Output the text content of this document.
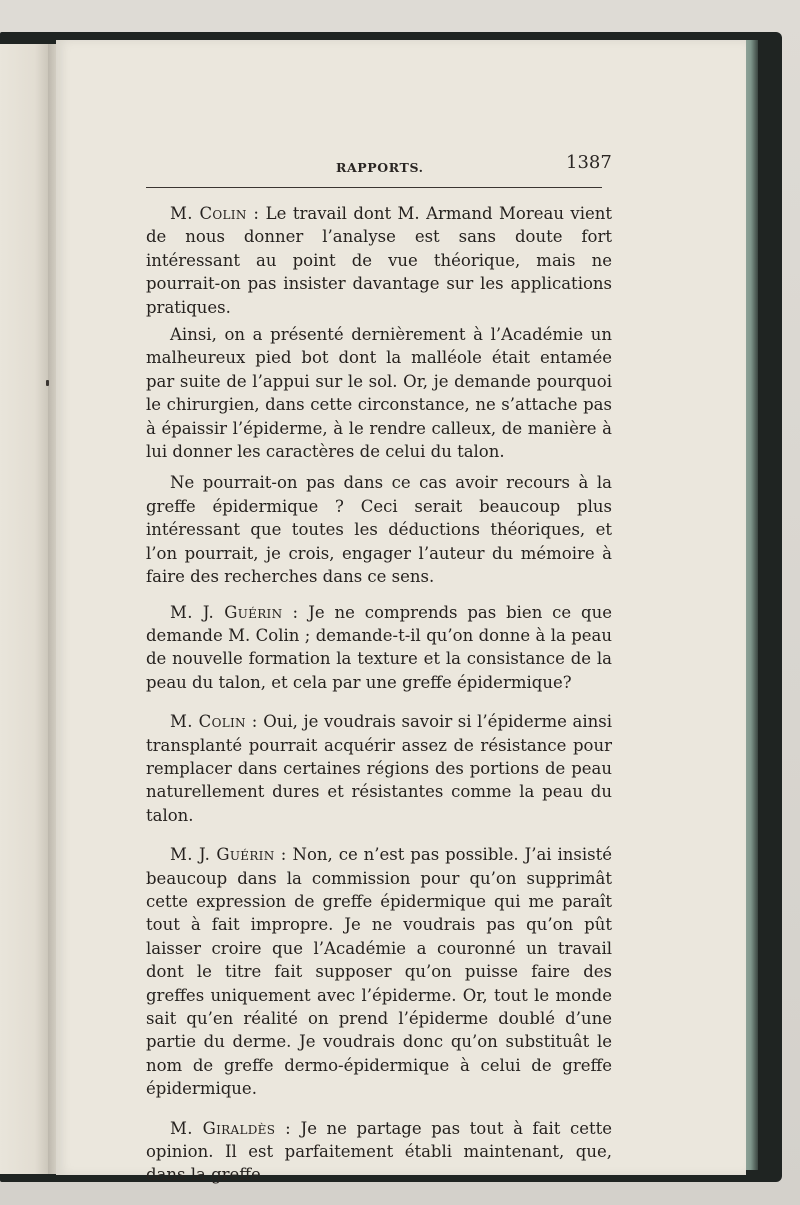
RAPPORTS.	1387

M. Colin : Le travail dont M. Armand Moreau vient de nous donner l’analyse est sans doute fort intéressant au point de vue théorique, mais ne pourrait-on pas insister davantage sur les applications pratiques.

Ainsi, on a présenté dernièrement à l’Académie un malheureux pied bot dont la malléole était entamée par suite de l’appui sur le sol. Or, je demande pourquoi le chirurgien, dans cette circonstance, ne s’attache pas à épaissir l’épiderme, à le rendre calleux, de manière à lui donner les caractères de celui du talon.

Ne pourrait-on pas dans ce cas avoir recours à la greffe épidermique ? Ceci serait beaucoup plus intéressant que toutes les déductions théoriques, et l’on pourrait, je crois, engager l’auteur du mémoire à faire des recherches dans ce sens.

M. J. Guérin : Je ne comprends pas bien ce que demande M. Colin ; demande-t-il qu’on donne à la peau de nouvelle formation la texture et la consistance de la peau du talon, et cela par une greffe épidermique?

M. Colin : Oui, je voudrais savoir si l’épiderme ainsi transplanté pourrait acquérir assez de résistance pour remplacer dans certaines régions des portions de peau naturellement dures et résistantes comme la peau du talon.

M. J. Guérin : Non, ce n’est pas possible. J’ai insisté beaucoup dans la commission pour qu’on supprimât cette expression de greffe épidermique qui me paraît tout à fait impropre. Je ne voudrais pas qu’on pût laisser croire que l’Académie a couronné un travail dont le titre fait supposer qu’on puisse faire des greffes uniquement avec l’épiderme. Or, tout le monde sait qu’en réalité on prend l’épiderme doublé d’une partie du derme. Je voudrais donc qu’on substituât le nom de greffe dermo-épidermique à celui de greffe épidermique.

M. Giraldès : Je ne partage pas tout à fait cette opinion. Il est parfaitement établi maintenant, que, dans la greffe
